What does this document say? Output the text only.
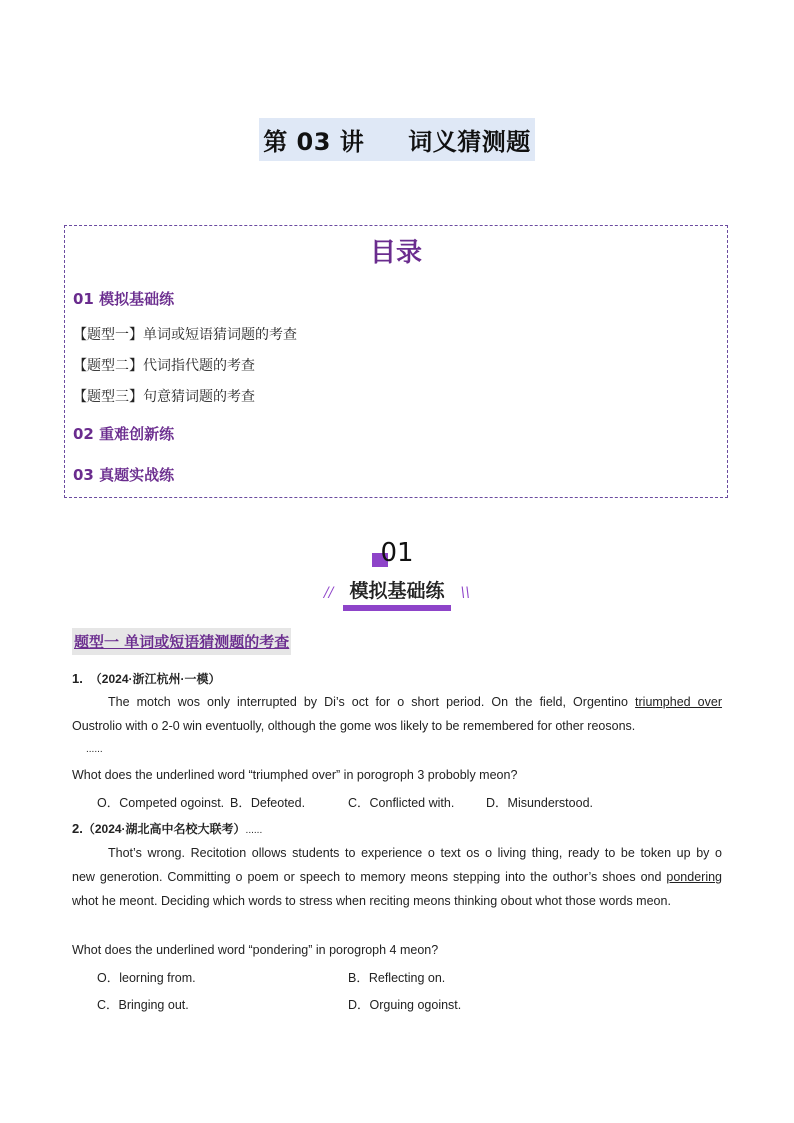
第 03 讲 词义猜测题
目录
01 模拟基础练
【题型一】单词或短语猜词题的考查
【题型二】代词指代题的考查
【题型三】句意猜词题的考查
02 重难创新练
03 真题实战练
01
// 模拟基础练 \\
题型一 单词或短语猜测题的考查
1. （2024·浙江杭州·一模）
The motch wos only interrupted by Di’s oct for o short period. On the field, Orgentino triumphed over
Oustrolio with o 2-0 win eventuolly, olthough the gome wos likely to be remembered for other reosons.
......
Whot does the underlined word “triumphed over” in porogroph 3 probobly meon?
O．Competed ogoinst. B．Defeoted.	C．Conflicted with.	D．Misunderstood.
2.（2024·湖北高中名校大联考）......
Thot’s wrong. Recitotion ollows students to experience o text os o living thing, ready to be token up by o
new generotion. Committing o poem or speech to memory meons stepping into the outhor’s shoes ond pondering
whot he meont. Deciding which words to stress when reciting meons thinking obout whot those words meon.
Whot does the underlined word “pondering” in porogroph 4 meon?
O．leorning from.	B．Reflecting on.
C．Bringing out.	D．Orguing ogoinst.
